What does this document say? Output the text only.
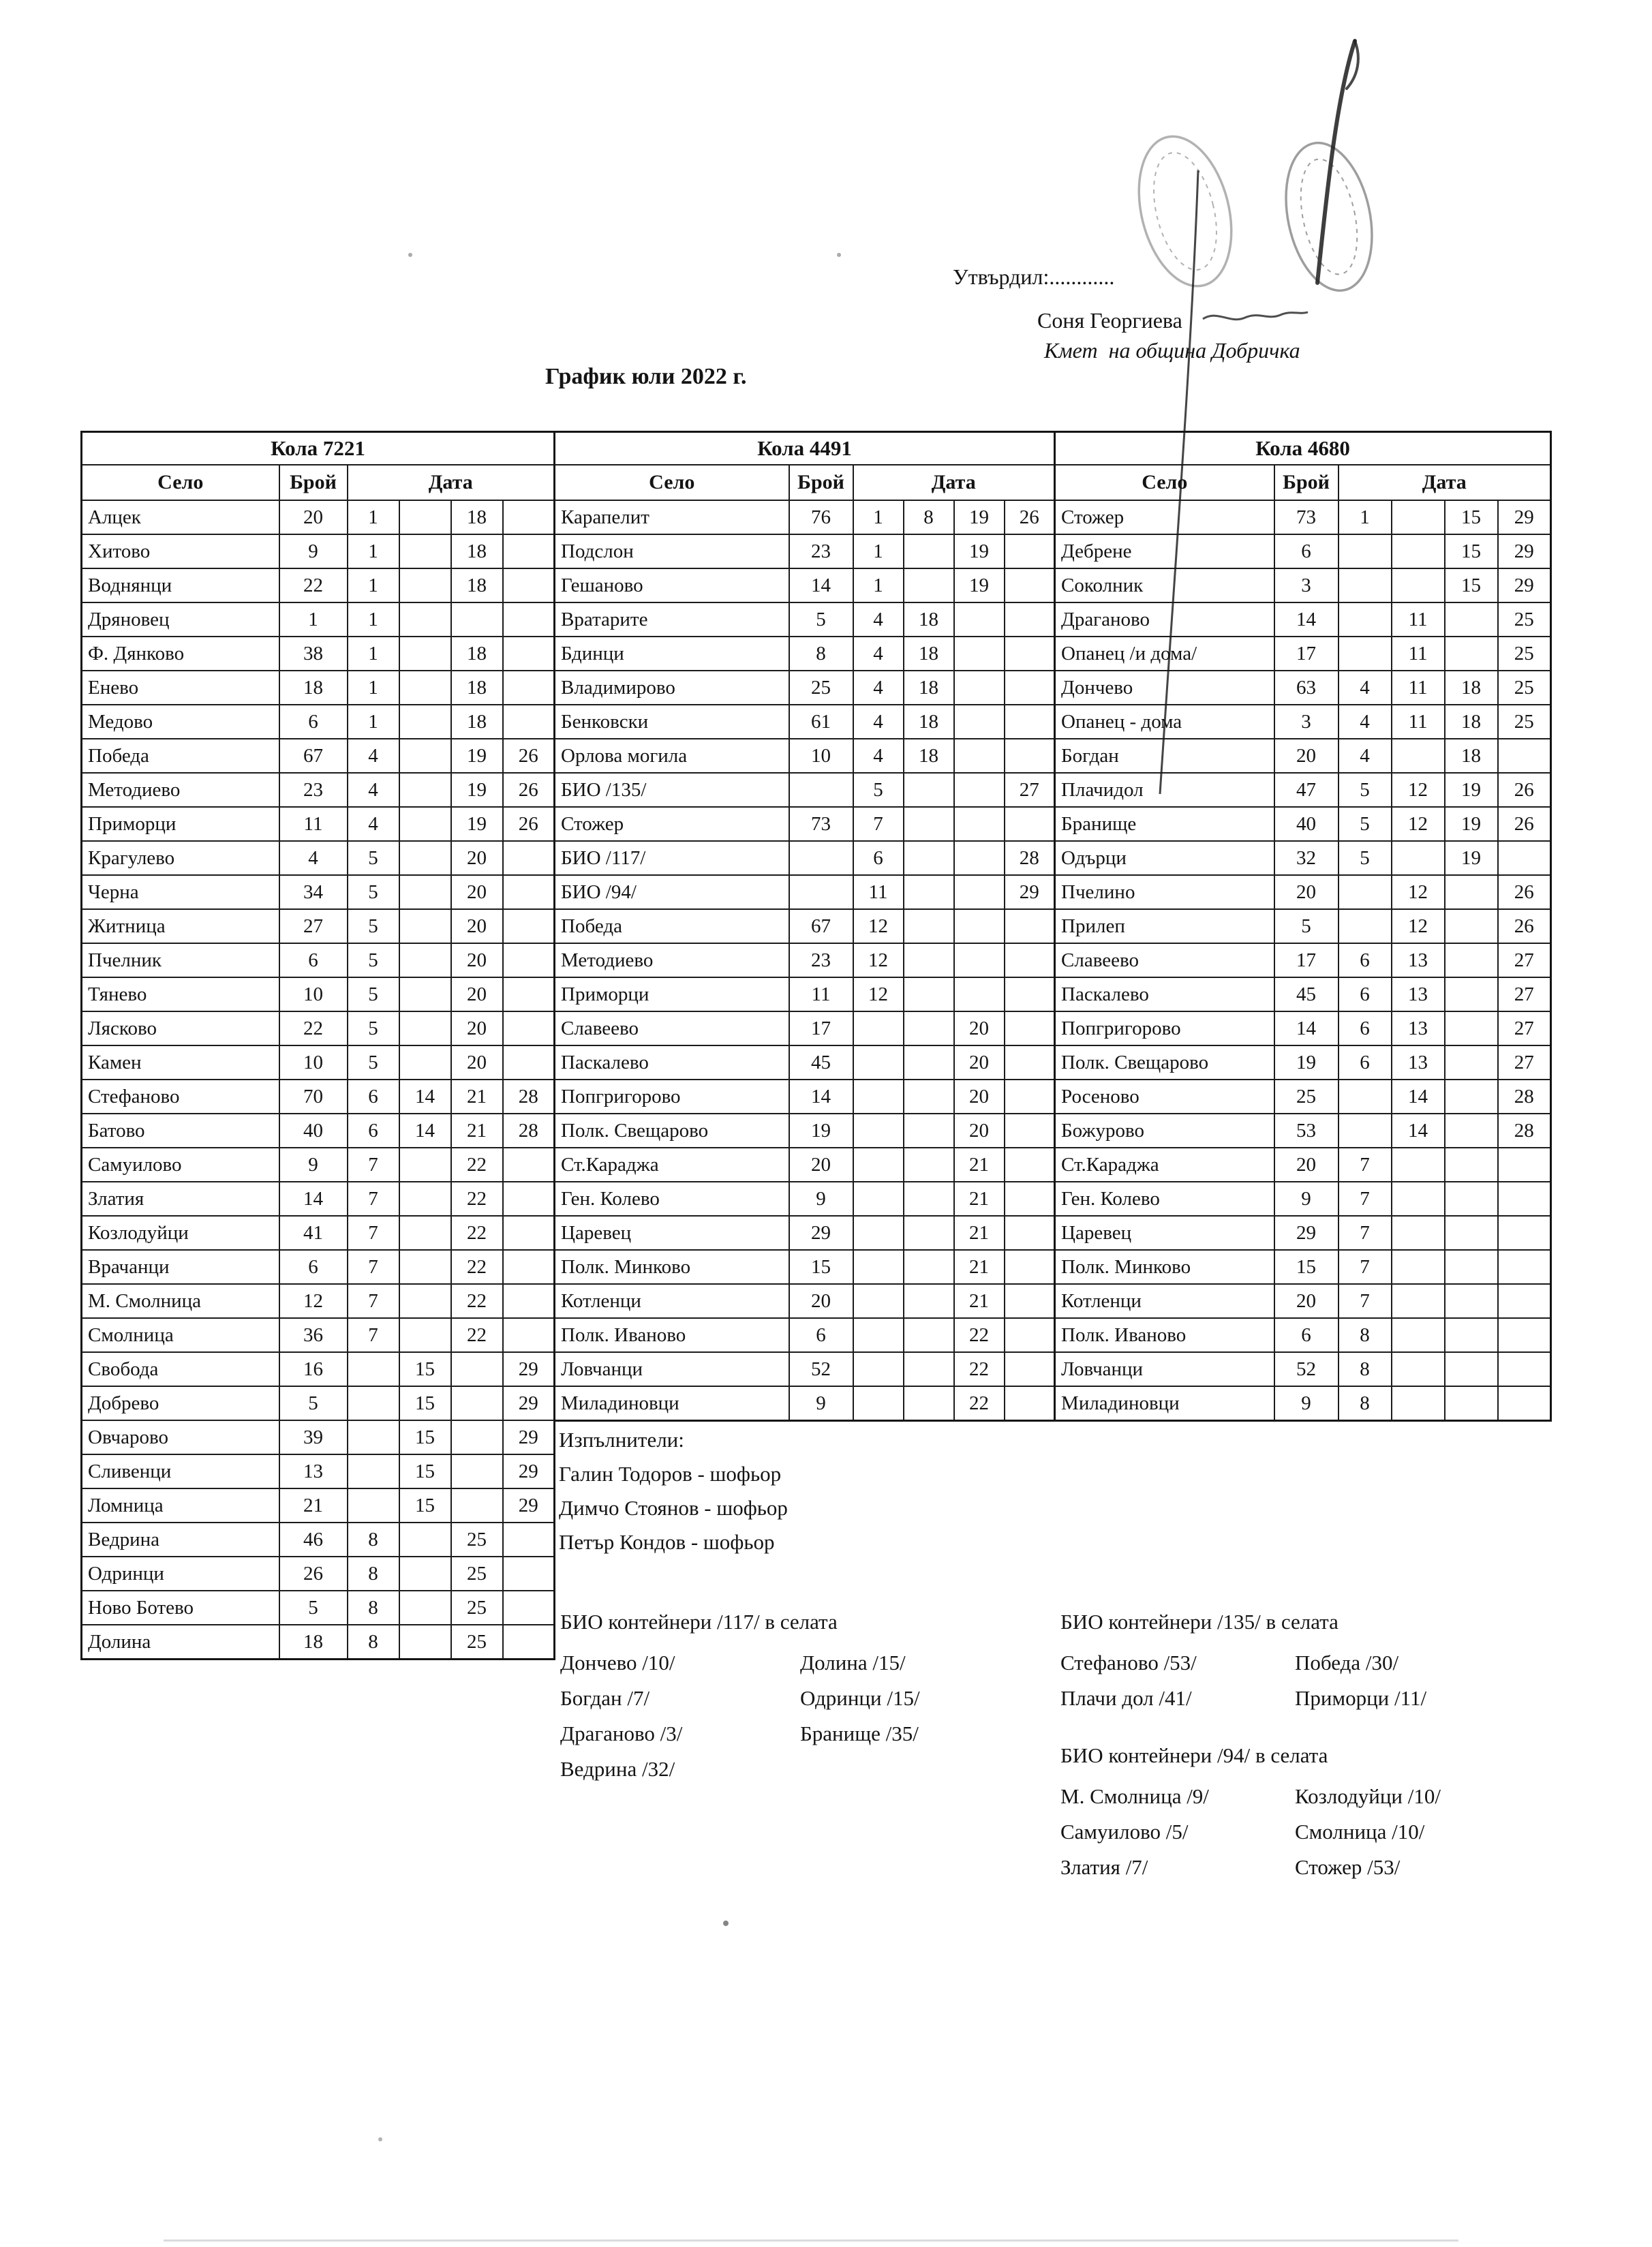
Утвърдил:............
Соня Георгиева
Кмет  на община Добричка
График юли 2022 г.
Кола 7221					
Село	Брой	Дата			
Алцек	20	1		18	
Хитово	9	1		18	
Воднянци	22	1		18	
Дряновец	1	1			
Ф. Дянково	38	1		18	
Енево	18	1		18	
Медово	6	1		18	
Победа	67	4		19	26
Методиево	23	4		19	26
Приморци	11	4		19	26
Крагулево	4	5		20	
Черна	34	5		20	
Житница	27	5		20	
Пчелник	6	5		20	
Тянево	10	5		20	
Лясково	22	5		20	
Камен	10	5		20	
Стефаново	70	6	14	21	28
Батово	40	6	14	21	28
Самуилово	9	7		22	
Златия	14	7		22	
Козлодуйци	41	7		22	
Врачанци	6	7		22	
М. Смолница	12	7		22	
Смолница	36	7		22	
Свобода	16		15		29
Добрево	5		15		29
Овчарово	39		15		29
Сливенци	13		15		29
Ломница	21		15		29
Ведрина	46	8		25	
Одринци	26	8		25	
Ново Ботево	5	8		25	
Долина	18	8		25	
Кола 4491					
Село	Брой	Дата			
Карапелит	76	1	8	19	26
Подслон	23	1		19	
Гешаново	14	1		19	
Вратарите	5	4	18		
Бдинци	8	4	18		
Владимирово	25	4	18		
Бенковски	61	4	18		
Орлова могила	10	4	18		
БИО /135/		5			27
Стожер	73	7			
БИО /117/		6			28
БИО /94/		11			29
Победа	67	12			
Методиево	23	12			
Приморци	11	12			
Славеево	17			20	
Паскалево	45			20	
Попгригорово	14			20	
Полк. Свещарово	19			20	
Ст.Караджа	20			21	
Ген. Колево	9			21	
Царевец	29			21	
Полк. Минково	15			21	
Котленци	20			21	
Полк. Иваново	6			22	
Ловчанци	52			22	
Миладиновци	9			22	
Кола 4680					
Село	Брой	Дата			
Стожер	73	1		15	29
Дебрене	6			15	29
Соколник	3			15	29
Драганово	14		11		25
Опанец /и дома/	17		11		25
Дончево	63	4	11	18	25
Опанец - дома	3	4	11	18	25
Богдан	20	4		18	
Плачидол	47	5	12	19	26
Бранище	40	5	12	19	26
Одърци	32	5		19	
Пчелино	20		12		26
Прилеп	5		12		26
Славеево	17	6	13		27
Паскалево	45	6	13		27
Попгригорово	14	6	13		27
Полк. Свещарово	19	6	13		27
Росеново	25		14		28
Божурово	53		14		28
Ст.Караджа	20	7			
Ген. Колево	9	7			
Царевец	29	7			
Полк. Минково	15	7			
Котленци	20	7			
Полк. Иваново	6	8			
Ловчанци	52	8			
Миладиновци	9	8			
Изпълнители:
Галин Тодоров - шофьор
Димчо Стоянов - шофьор
Петър Кондов - шофьор
БИО контейнери /117/ в селата
Дончево /10/	Долина /15/
Богдан /7/	Одринци /15/
Драганово /3/	Бранище /35/
Ведрина /32/
БИО контейнери /135/ в селата
Стефаново /53/	Победа /30/
Плачи дол /41/	Приморци /11/
БИО контейнери /94/ в селата
М. Смолница /9/	Козлодуйци /10/
Самуилово /5/	Смолница /10/
Златия /7/	Стожер /53/
